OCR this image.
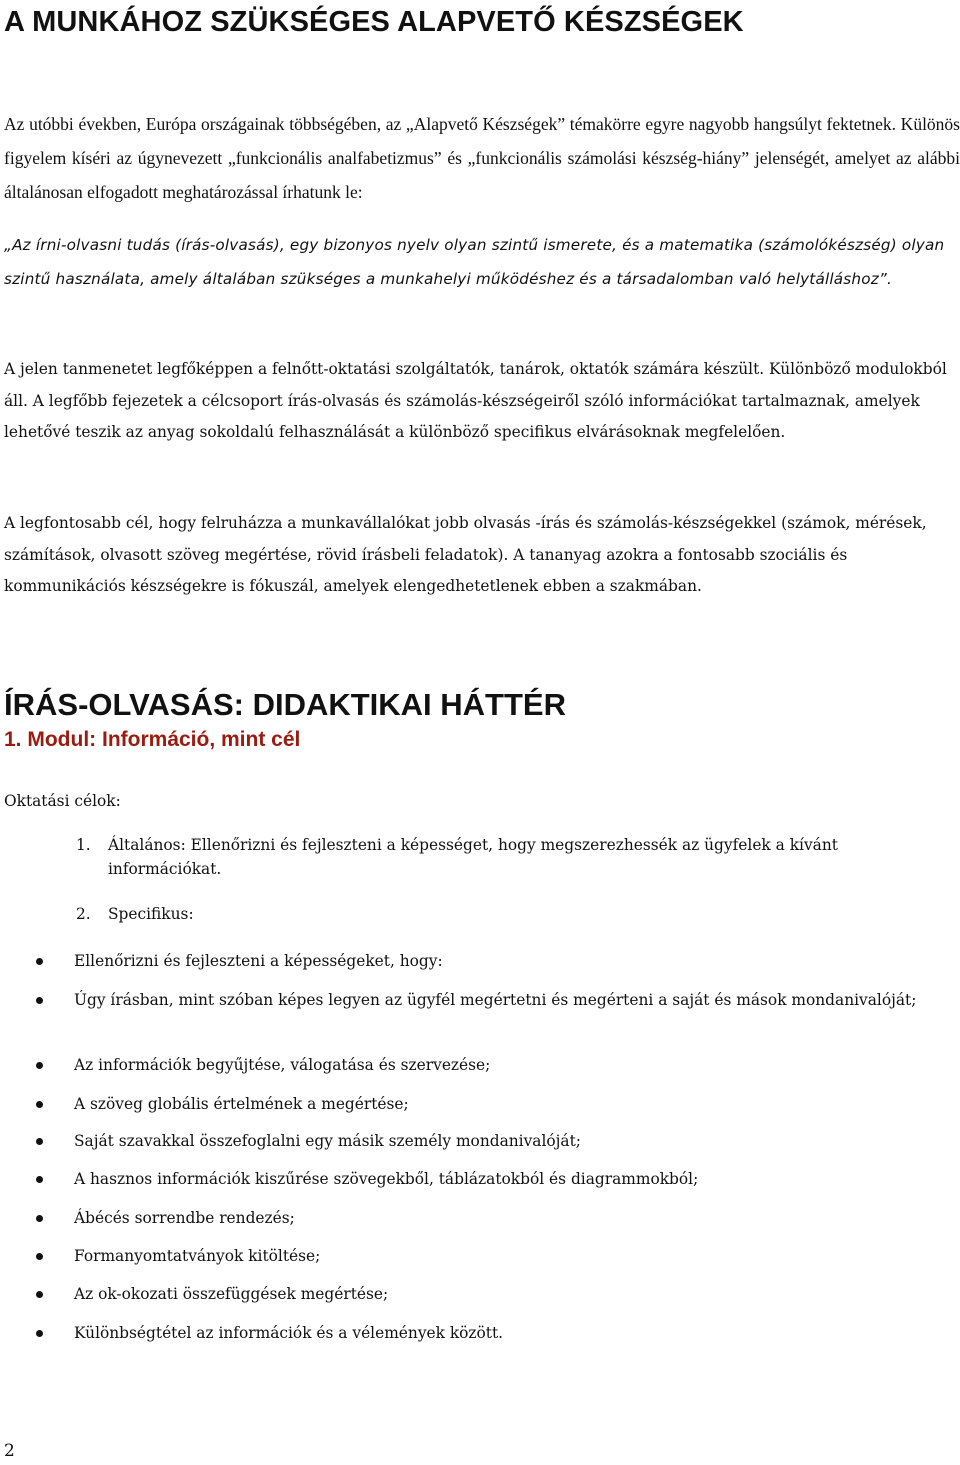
A MUNKÁHOZ SZÜKSÉGES ALAPVETŐ KÉSZSÉGEK

Az utóbbi években, Európa országainak többségében, az „Alapvető Készségek” témakörre egyre nagyobb hangsúlyt fektetnek. Különös figyelem kíséri az úgynevezett „funkcionális analfabetizmus” és „funkcionális számolási készség-hiány” jelenségét, amelyet az alábbi általánosan elfogadott meghatározással írhatunk le:

„Az írni-olvasni tudás (írás-olvasás), egy bizonyos nyelv olyan szintű ismerete, és a matematika (számolókészség) olyan szintű használata, amely általában szükséges a munkahelyi működéshez és a társadalomban való helytálláshoz”.
A jelen tanmenetet legfőképpen a felnőtt-oktatási szolgáltatók, tanárok, oktatók számára készült. Különböző modulokból áll. A legfőbb fejezetek a célcsoport írás-olvasás és számolás-készségeiről szóló információkat tartalmaznak, amelyek lehetővé teszik az anyag sokoldalú felhasználását a különböző specifikus elvárásoknak megfelelően.
A legfontosabb cél, hogy felruházza a munkavállalókat jobb olvasás -írás és számolás-készségekkel (számok, mérések, számítások, olvasott szöveg megértése, rövid írásbeli feladatok). A tananyag azokra a fontosabb szociális és kommunikációs készségekre is fókuszál, amelyek elengedhetetlenek ebben a szakmában.
ÍRÁS-OLVASÁS: DIDAKTIKAI HÁTTÉR
1. Modul: Információ, mint cél
Oktatási célok:
1. Általános: Ellenőrizni és fejleszteni a képességet, hogy megszerezhessék az ügyfelek a kívánt információkat.
2. Specifikus:
Ellenőrizni és fejleszteni a képességeket, hogy:
Úgy írásban, mint szóban képes legyen az ügyfél megértetni és megérteni a saját és mások mondanivalóját;
Az információk begyűjtése, válogatása és szervezése;
A szöveg globális értelmének a megértése;
Saját szavakkal összefoglalni egy másik személy mondanivalóját;
A hasznos információk kiszűrése szövegekből, táblázatokból és diagrammokból;
Ábécés sorrendbe rendezés;
Formanyomtatványok kitöltése;
Az ok-okozati összefüggések megértése;
Különbségtétel az információk és a vélemények között.
2
